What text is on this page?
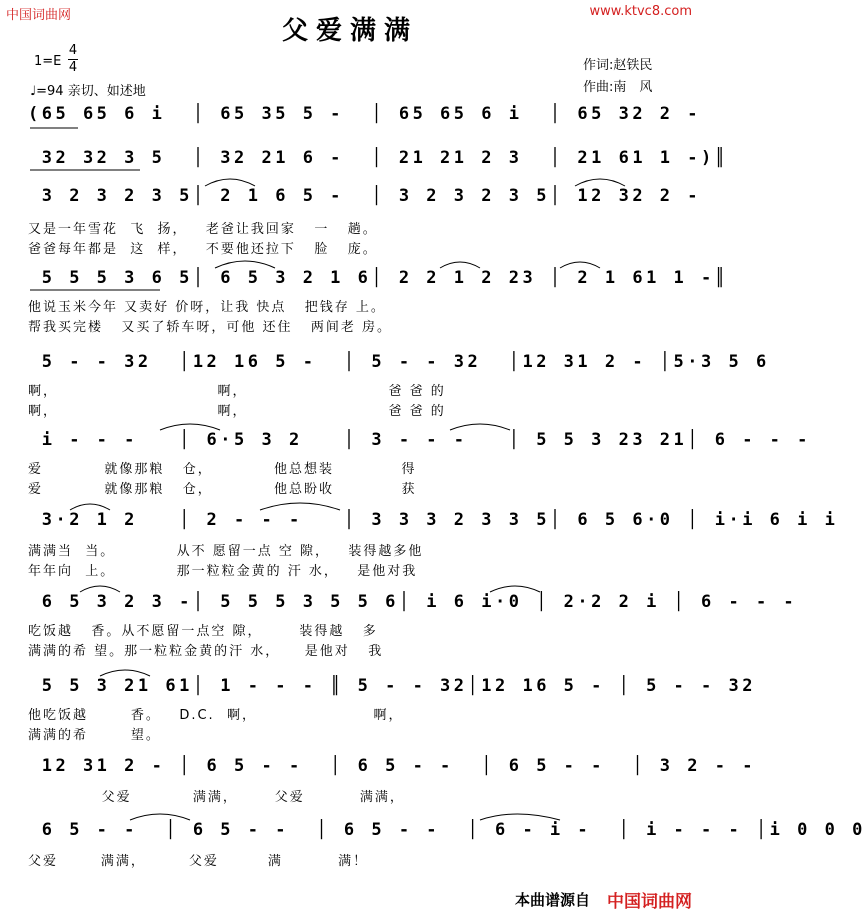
中国词曲网	www.ktvc8.com
父爱满满
1=E
4
4
♩=94 亲切、如述地
作词:赵铁民
作曲:南　风
(65 65 6 i  │ 65 35 5 -  │ 65 65 6 i  │ 65 32 2 -
32 32 3 5  │ 32 21 6 -  │ 21 21 2 3  │ 21 61 1 -)║
3 2 3 2 3 5│ 2 1 6 5 -  │ 3 2 3 2 3 5│ 12 32 2 -
又是一年雪花  飞  扬，   老爸让我回家   一   趟。
爸爸每年都是  这  样，   不要他还拉下   脸   庞。
5 5 5 3 6 5│ 6 5 3 2 1 6│ 2 2 1 2 23 │ 2 1 61 1 -║
他说玉米今年 又卖好 价呀，让我 快点   把钱存 上。
帮我买完楼   又买了轿车呀，可他 还住   两间老 房。
5 - - 32  │12 16 5 -  │ 5 - - 32  │12 31 2 - │5·3 5 6
啊，                          啊，                       爸 爸 的
啊，                          啊，                       爸 爸 的
i - - -   │ 6·5 3 2   │ 3 - - -   │ 5 5 3 23 21│ 6 - - -
爱          就像那粮   仓，          他总想装           得
爱          就像那粮   仓，          他总盼收           获
3·2 1 2   │ 2 - - -   │ 3 3 3 2 3 3 5│ 6 5 6·0 │ i·i 6 i i
满满当  当。          从不 愿留一点 空 隙，   装得越多他
年年向  上。          那一粒粒金黄的 汗 水，   是他对我
6 5 3 2 3 -│ 5 5 5 3 5 5 6│ i 6 i·0 │ 2·2 2 i │ 6 - - -
吃饭越   香。从不愿留一点空 隙，      装得越   多
满满的希 望。那一粒粒金黄的汗 水，    是他对   我
5 5 3 21 61│ 1 - - - ║ 5 - - 32│12 16 5 - │ 5 - - 32
他吃饭越       香。   D.C.  啊，                   啊，
满满的希       望。
12 31 2 - │ 6 5 - -  │ 6 5 - -  │ 6 5 - -  │ 3 2 - -
父爱          满满，      父爱         满满，
6 5 - -  │ 6 5 - -  │ 6 5 - -  │ 6 - i -  │ i - - - │i 0 0 0
父爱       满满，       父爱        满         满！
本曲谱源自 中国词曲网
